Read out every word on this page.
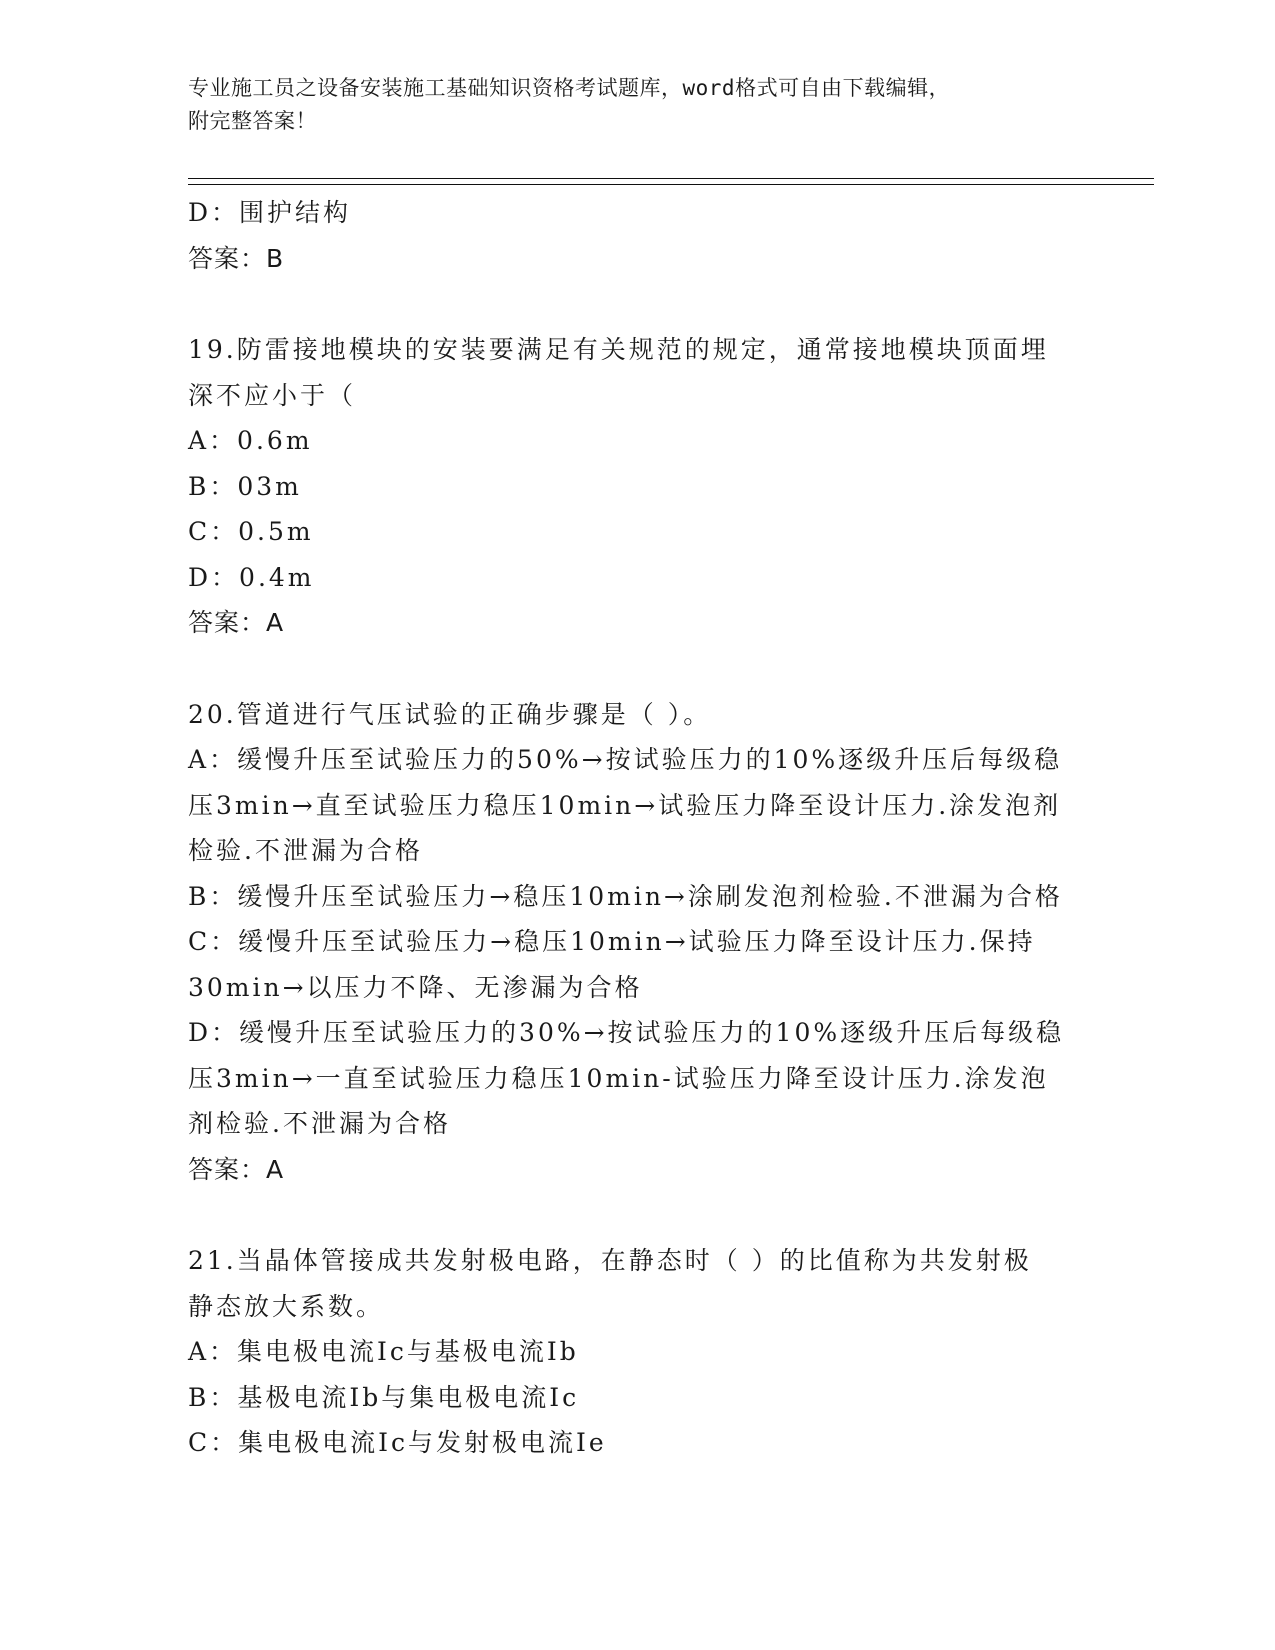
专业施工员之设备安装施工基础知识资格考试题库，word格式可自由下载编辑，
附完整答案！
D：围护结构
答案：B
19.防雷接地模块的安装要满足有关规范的规定，通常接地模块顶面埋
深不应小于（
A：0.6m
B：03m
C：0.5m
D：0.4m
答案：A
20.管道进行气压试验的正确步骤是（ ）。
A：缓慢升压至试验压力的50%→按试验压力的10%逐级升压后每级稳
压3min→直至试验压力稳压10min→试验压力降至设计压力.涂发泡剂
检验.不泄漏为合格
B：缓慢升压至试验压力→稳压10min→涂刷发泡剂检验.不泄漏为合格
C：缓慢升压至试验压力→稳压10min→试验压力降至设计压力.保持
30min→以压力不降、无渗漏为合格
D：缓慢升压至试验压力的30%→按试验压力的10%逐级升压后每级稳
压3min→一直至试验压力稳压10min-试验压力降至设计压力.涂发泡
剂检验.不泄漏为合格
答案：A
21.当晶体管接成共发射极电路，在静态时（ ）的比值称为共发射极
静态放大系数。
A：集电极电流Ic与基极电流Ib
B：基极电流Ib与集电极电流Ic
C：集电极电流Ic与发射极电流Ie
